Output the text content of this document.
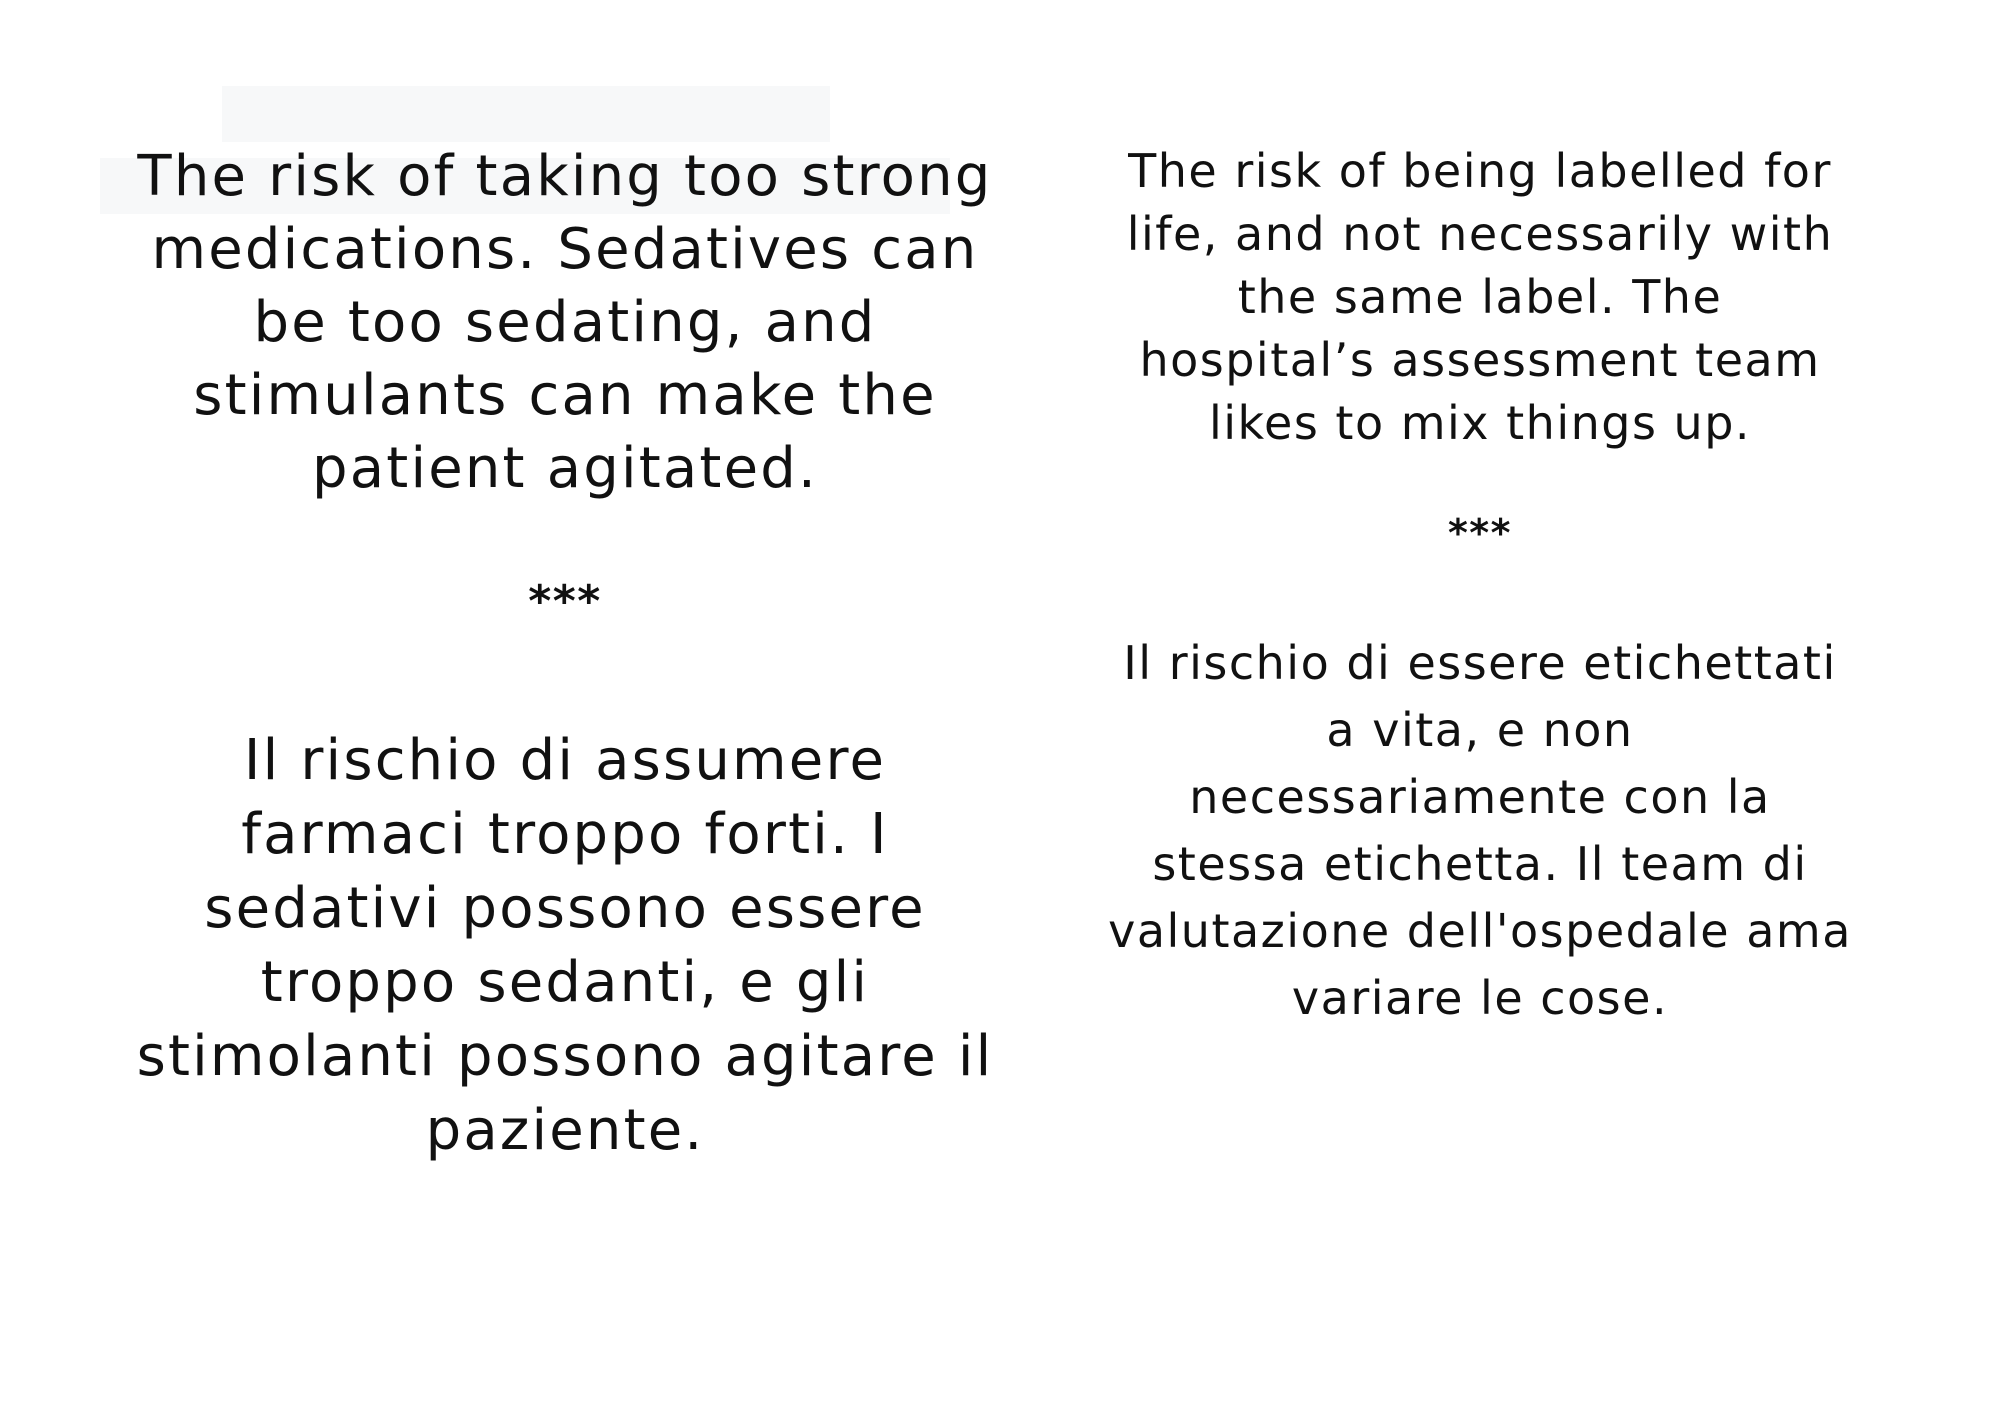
The risk of taking too strong
medications. Sedatives can
be too sedating, and
stimulants can make the
patient agitated.

***

Il rischio di assumere
farmaci troppo forti. I
sedativi possono essere
troppo sedanti, e gli
stimolanti possono agitare il
paziente.

The risk of being labelled for
life, and not necessarily with
the same label. The
hospital’s assessment team
likes to mix things up.

***

Il rischio di essere etichettati
a vita, e non
necessariamente con la
stessa etichetta. Il team di
valutazione dell'ospedale ama
variare le cose.
